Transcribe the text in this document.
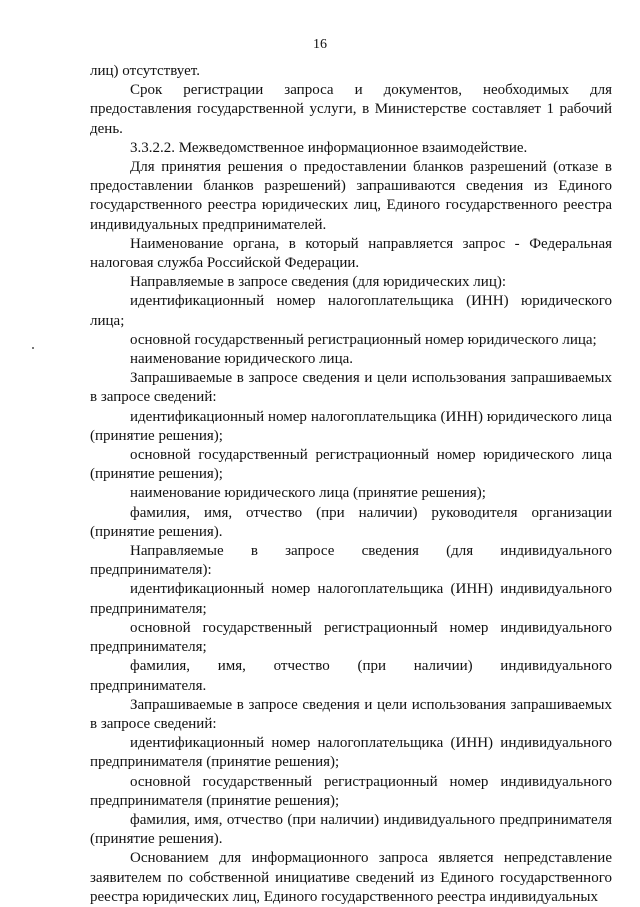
16

лиц) отсутствует.

Срок регистрации запроса и документов, необходимых для предоставления государственной услуги, в Министерстве составляет 1 рабочий день.

3.3.2.2. Межведомственное информационное взаимодействие.

Для принятия решения о предоставлении бланков разрешений (отказе в предоставлении бланков разрешений) запрашиваются сведения из Единого государственного реестра юридических лиц, Единого государственного реестра индивидуальных предпринимателей.

Наименование органа, в который направляется запрос - Федеральная налоговая служба Российской Федерации.

Направляемые в запросе сведения (для юридических лиц):

идентификационный номер налогоплательщика (ИНН) юридического лица;

основной государственный регистрационный номер юридического лица;

наименование юридического лица.

Запрашиваемые в запросе сведения и цели использования запрашиваемых в запросе сведений:

идентификационный номер налогоплательщика (ИНН) юридического лица (принятие решения);

основной государственный регистрационный номер юридического лица (принятие решения);

наименование юридического лица (принятие решения);

фамилия, имя, отчество (при наличии) руководителя организации (принятие решения).

Направляемые в запросе сведения (для индивидуального предпринимателя):

идентификационный номер налогоплательщика (ИНН) индивидуального предпринимателя;

основной государственный регистрационный номер индивидуального предпринимателя;

фамилия, имя, отчество (при наличии) индивидуального предпринимателя.

Запрашиваемые в запросе сведения и цели использования запрашиваемых в запросе сведений:

идентификационный номер налогоплательщика (ИНН) индивидуального предпринимателя (принятие решения);

основной государственный регистрационный номер индивидуального предпринимателя (принятие решения);

фамилия, имя, отчество (при наличии) индивидуального предпринимателя (принятие решения).

Основанием для информационного запроса является непредставление заявителем по собственной инициативе сведений из Единого государственного реестра юридических лиц, Единого государственного реестра индивидуальных
